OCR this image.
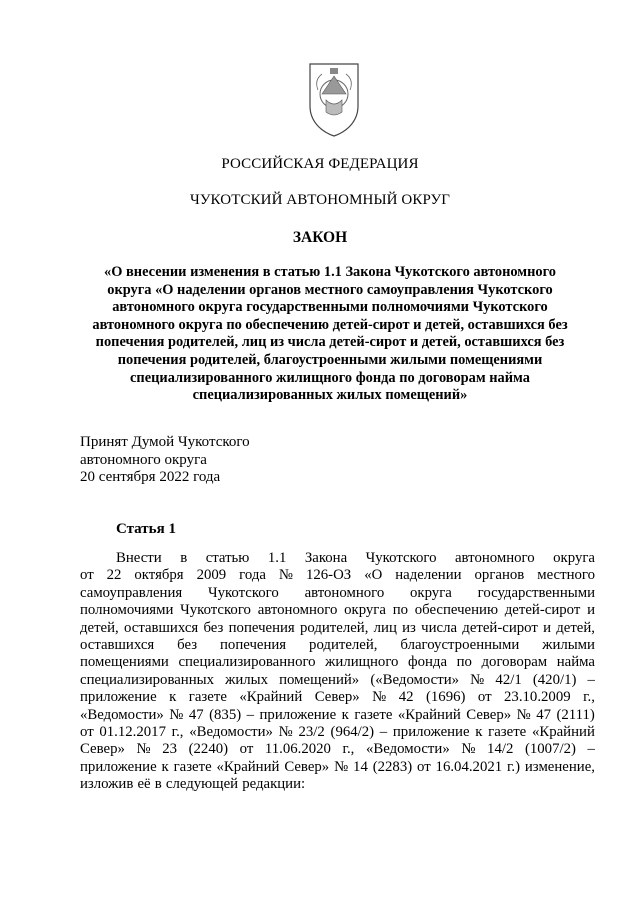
РОССИЙСКАЯ ФЕДЕРАЦИЯ
ЧУКОТСКИЙ АВТОНОМНЫЙ ОКРУГ
ЗАКОН
«О внесении изменения в статью 1.1 Закона Чукотского автономного
округа «О наделении органов местного самоуправления Чукотского
автономного округа государственными полномочиями Чукотского
автономного округа по обеспечению детей-сирот и детей, оставшихся без
попечения родителей, лиц из числа детей-сирот и детей, оставшихся без
попечения родителей, благоустроенными жилыми помещениями
специализированного жилищного фонда по договорам найма
специализированных жилых помещений»
Принят Думой Чукотского
автономного округа
20 сентября 2022 года
Статья 1
Внести в статью 1.1 Закона Чукотского автономного округа
от 22 октября 2009 года № 126-ОЗ «О наделении органов местного
самоуправления Чукотского автономного округа государственными
полномочиями Чукотского автономного округа по обеспечению детей-сирот и
детей, оставшихся без попечения родителей, лиц из числа детей-сирот и детей,
оставшихся без попечения родителей, благоустроенными жилыми
помещениями специализированного жилищного фонда по договорам найма
специализированных жилых помещений» («Ведомости» № 42/1 (420/1) –
приложение к газете «Крайний Север» № 42 (1696) от 23.10.2009 г.,
«Ведомости» № 47 (835) – приложение к газете «Крайний Север» № 47 (2111)
от 01.12.2017 г., «Ведомости» № 23/2 (964/2) – приложение к газете «Крайний
Север» № 23 (2240) от 11.06.2020 г., «Ведомости» № 14/2 (1007/2) –
приложение к газете «Крайний Север» № 14 (2283) от 16.04.2021 г.) изменение,
изложив её в следующей редакции:
